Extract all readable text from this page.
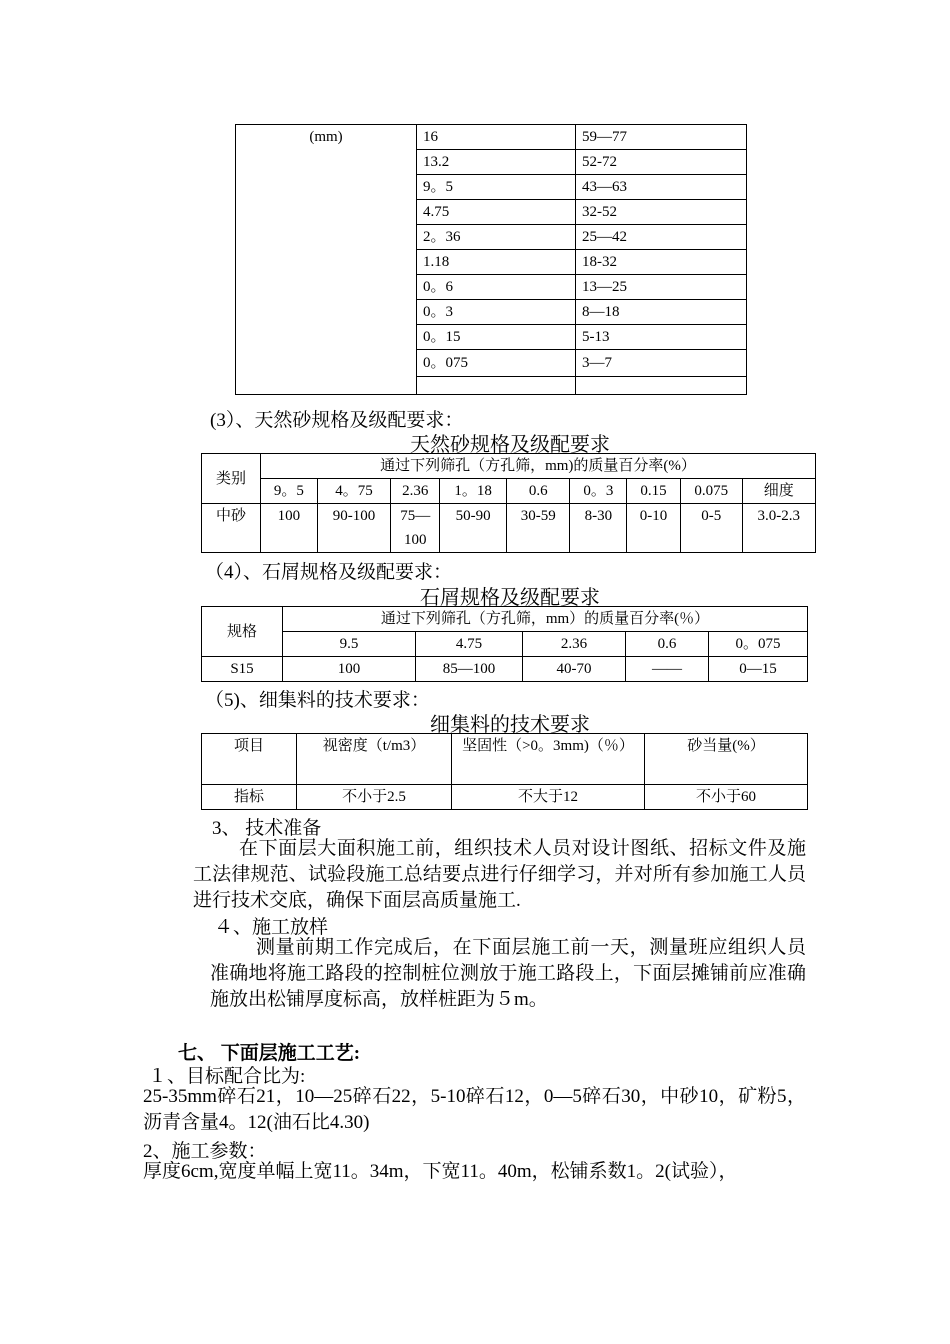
(mm)	16	59—77
	13.2	52-72
	9。5	43—63
	4.75	32-52
	2。36	25—42
	1.18	18-32
	0。6	13—25
	0。3	8—18
	0。15	5-13
	0。075	3—7

(3）、天然砂规格及级配要求：
天然砂规格及级配要求
类别	通过下列筛孔（方孔筛，mm)的质量百分率(%）								
	9。5	4。75	2.36	1。18	0.6	0。3	0.15	0.075	细度
中砂	100	90-100	75—100	50-90	30-59	8-30	0-10	0-5	3.0-2.3
（4）、石屑规格及级配要求：
石屑规格及级配要求
规格	通过下列筛孔（方孔筛，mm）的质量百分率(％）				
	9.5	4.75	2.36	0.6	0。075
S15	100	85—100	40-70	——	0—15
（5)、细集料的技术要求：
细集料的技术要求
项目	视密度（t/m3）	坚固性（>0。3mm)（％）	砂当量(%）
指标	不小于2.5	不大于12	不小于60
3、 技术准备
在下面层大面积施工前，组织技术人员对设计图纸、招标文件及施工法律规范、试验段施工总结要点进行仔细学习，并对所有参加施工人员进行技术交底，确保下面层高质量施工.
４、施工放样
测量前期工作完成后，在下面层施工前一天，测量班应组织人员准确地将施工路段的控制桩位测放于施工路段上，下面层摊铺前应准确施放出松铺厚度标高，放样桩距为５m。
七、 下面层施工工艺:
１、目标配合比为:
25-35mm碎石21，10—25碎石22，5-10碎石12，0—5碎石30，中砂10，矿粉5，沥青含量4。12(油石比4.30)
2、施工参数：
厚度6cm,宽度单幅上宽11。34m，下宽11。40m，松铺系数1。2(试验），
